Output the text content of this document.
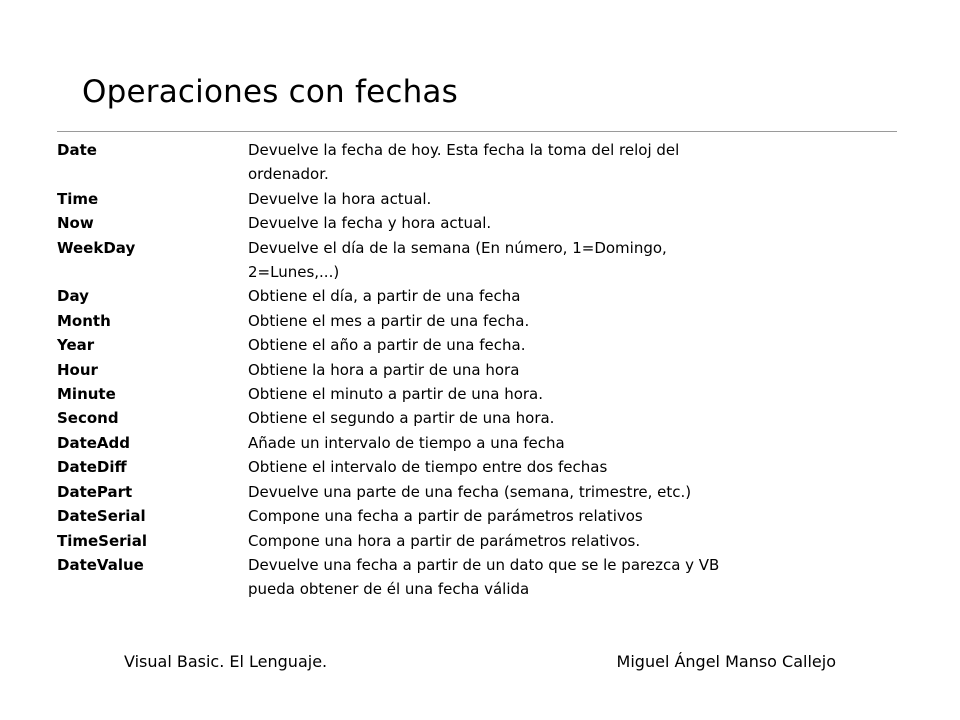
Operaciones con fechas
Date	Devuelve la fecha de hoy. Esta fecha la toma del reloj del ordenador.
Time	Devuelve la hora actual.
Now	Devuelve la fecha y hora actual.
WeekDay	Devuelve el día de la semana (En número, 1=Domingo, 2=Lunes,...)
Day	Obtiene el día, a partir de una fecha
Month	Obtiene el mes a partir de una fecha.
Year	Obtiene el año a partir de una fecha.
Hour	Obtiene la hora a partir de una hora
Minute	Obtiene el minuto a partir de una hora.
Second	Obtiene el segundo a partir de una hora.
DateAdd	Añade un intervalo de tiempo a una fecha
DateDiff	Obtiene el intervalo de tiempo entre dos fechas
DatePart	Devuelve una parte de una fecha (semana, trimestre, etc.)
DateSerial	Compone una fecha a partir de parámetros relativos
TimeSerial	Compone una hora a partir de parámetros relativos.
DateValue	Devuelve una fecha a partir de un dato que se le parezca y VB pueda obtener de él una fecha válida
Visual Basic. El Lenguaje.	Miguel Ángel Manso Callejo
